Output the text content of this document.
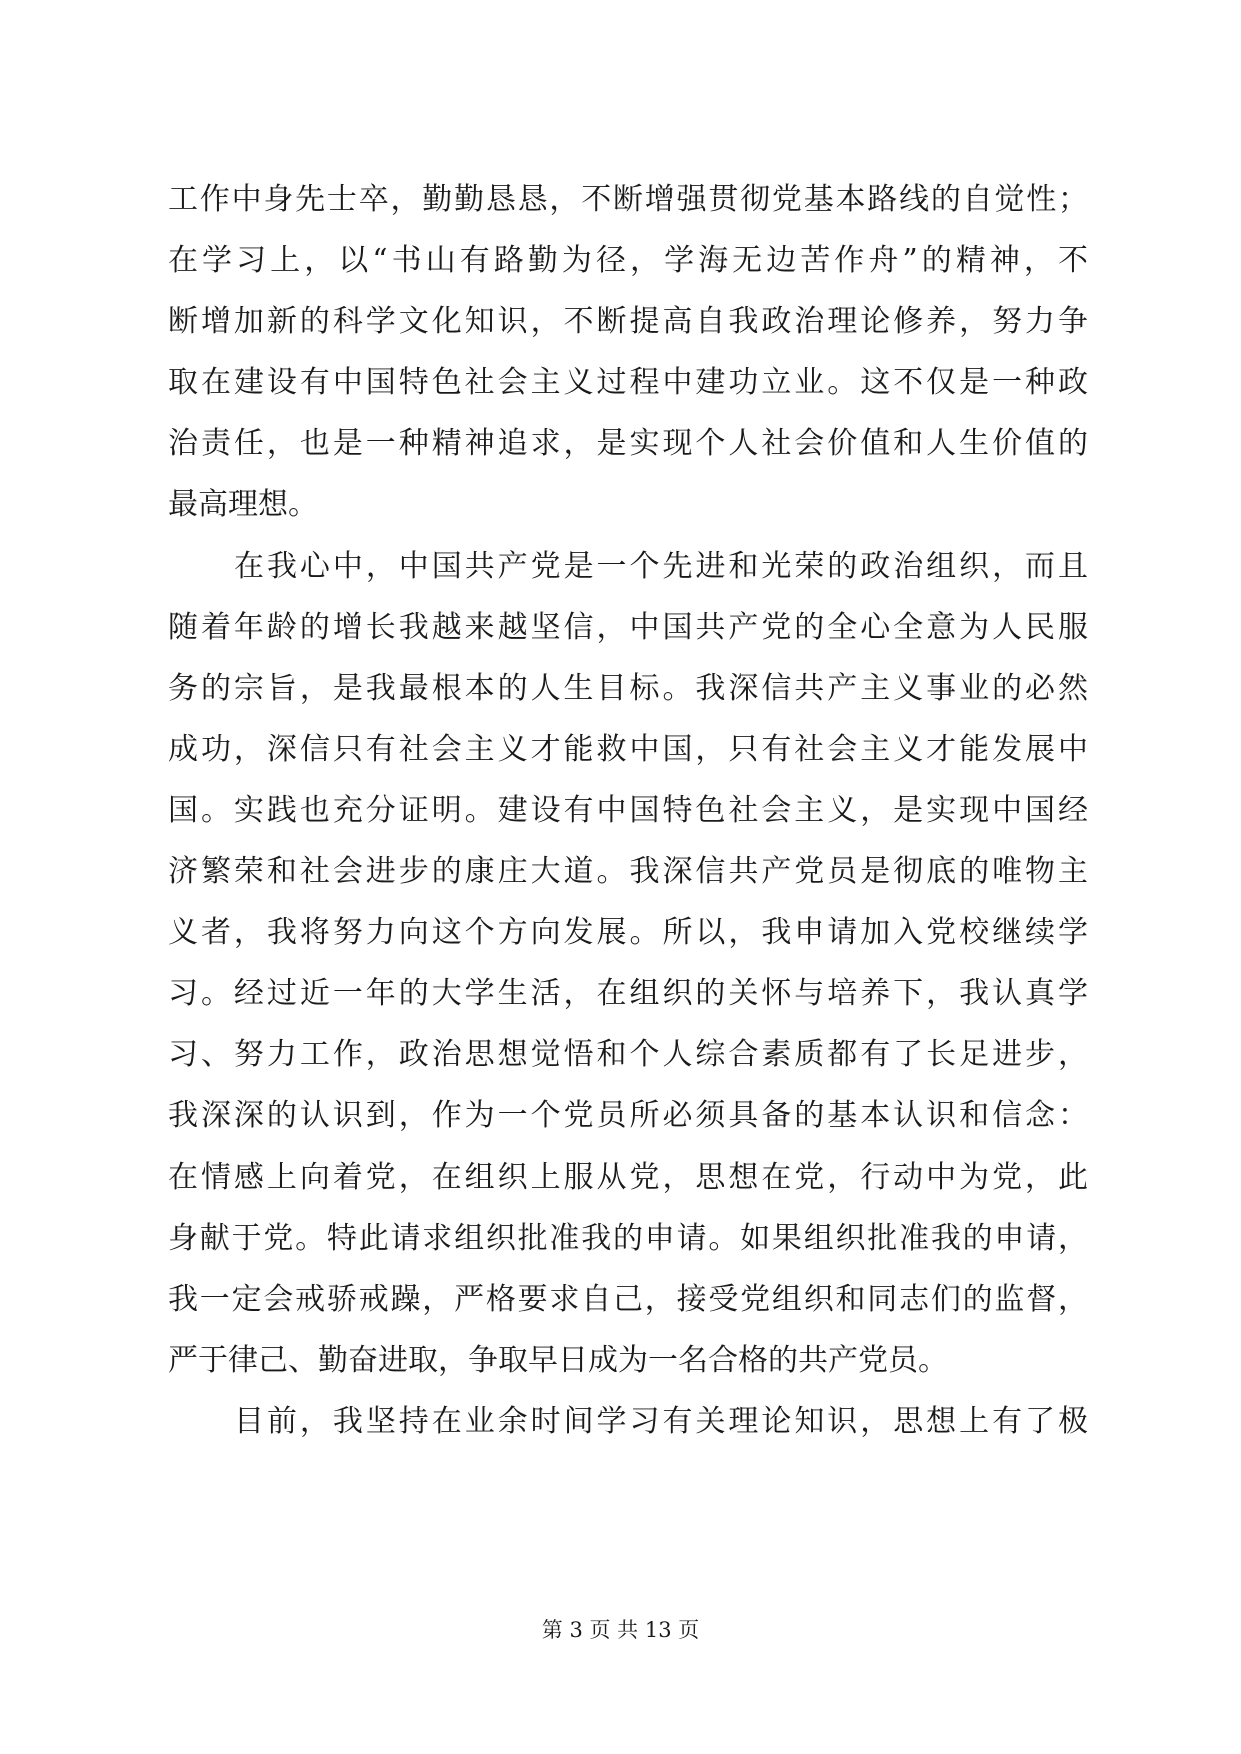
工作中身先士卒，勤勤恳恳，不断增强贯彻党基本路线的自觉性；
在学习上，以“书山有路勤为径，学海无边苦作舟”的精神，不
断增加新的科学文化知识，不断提高自我政治理论修养，努力争
取在建设有中国特色社会主义过程中建功立业。这不仅是一种政
治责任，也是一种精神追求，是实现个人社会价值和人生价值的
最高理想。
在我心中，中国共产党是一个先进和光荣的政治组织，而且
随着年龄的增长我越来越坚信，中国共产党的全心全意为人民服
务的宗旨，是我最根本的人生目标。我深信共产主义事业的必然
成功，深信只有社会主义才能救中国，只有社会主义才能发展中
国。实践也充分证明。建设有中国特色社会主义，是实现中国经
济繁荣和社会进步的康庄大道。我深信共产党员是彻底的唯物主
义者，我将努力向这个方向发展。所以，我申请加入党校继续学
习。经过近一年的大学生活，在组织的关怀与培养下，我认真学
习、努力工作，政治思想觉悟和个人综合素质都有了长足进步，
我深深的认识到，作为一个党员所必须具备的基本认识和信念：
在情感上向着党，在组织上服从党，思想在党，行动中为党，此
身献于党。特此请求组织批准我的申请。如果组织批准我的申请，
我一定会戒骄戒躁，严格要求自己，接受党组织和同志们的监督，
严于律己、勤奋进取，争取早日成为一名合格的共产党员。
目前，我坚持在业余时间学习有关理论知识，思想上有了极
第 3 页 共 13 页
